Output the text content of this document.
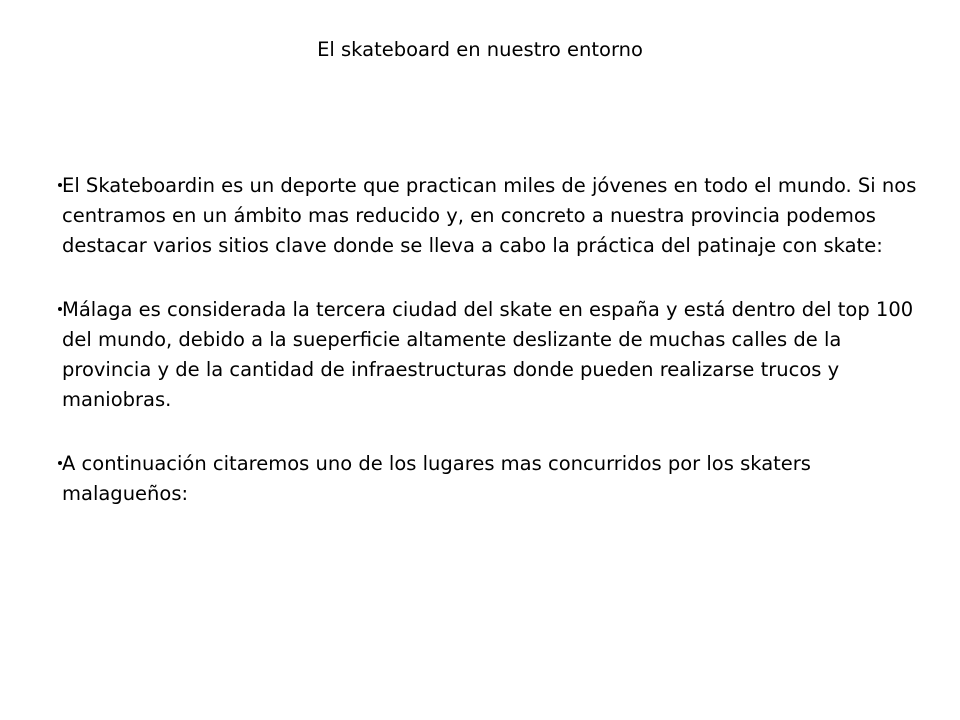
El skateboard en nuestro entorno
El Skateboardin es un deporte que practican miles de jóvenes en todo el mundo. Si nos centramos en un ámbito mas reducido y, en concreto a nuestra provincia podemos destacar varios sitios clave donde se lleva a cabo la práctica del patinaje con skate:
Málaga es considerada la tercera ciudad del skate en españa y está dentro del top 100 del mundo, debido a la sueperficie altamente deslizante de muchas calles de la provincia y de la cantidad de infraestructuras donde pueden realizarse trucos y maniobras.
A continuación citaremos uno de los lugares mas concurridos por los skaters malagueños:
